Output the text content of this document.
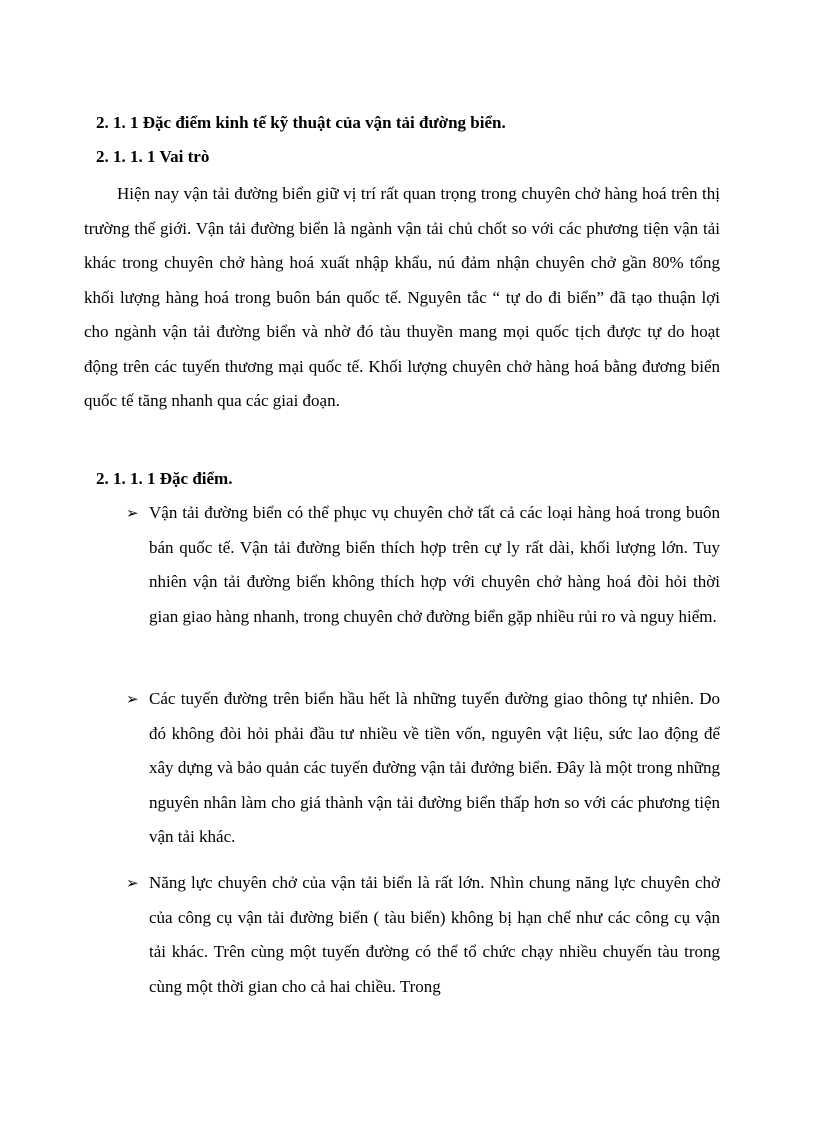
2. 1. 1 Đặc điểm kinh tế kỹ thuật của vận tải đường biển.
2. 1. 1. 1 Vai trò

Hiện nay vận tải đường biển giữ vị trí rất quan trọng trong chuyên chở hàng hoá trên thị trường thế giới. Vận tải đường biển là ngành vận tải chủ chốt so với các phương tiện vận tải khác trong chuyên chở hàng hoá xuất nhập khẩu, nú đảm nhận chuyên chở gần 80% tổng khối lượng hàng hoá trong buôn bán quốc tế. Nguyên tắc “ tự do đi biển” đã tạo thuận lợi cho ngành vận tải đường biển và nhờ đó tàu thuyền mang mọi quốc tịch được tự do hoạt động trên các tuyến thương mại quốc tế. Khối lượng chuyên chở hàng hoá bằng đương biển quốc tế tăng nhanh qua các giai đoạn.

2. 1. 1. 1 Đặc điểm.
➢ Vận tải đường biển có thể phục vụ chuyên chở tất cả các loại hàng hoá trong buôn bán quốc tế. Vận tải đường biển thích hợp trên cự ly rất dài, khối lượng lớn. Tuy nhiên vận tải đường biển không thích hợp với chuyên chở hàng hoá đòi hỏi thời gian giao hàng nhanh, trong chuyên chở đường biển gặp nhiều rủi ro và nguy hiểm.

➢ Các tuyến đường trên biển hầu hết là những tuyến đường giao thông tự nhiên. Do đó không đòi hỏi phải đầu tư nhiều về tiền vốn, nguyên vật liệu, sức lao động để xây dựng và bảo quản các tuyến đường vận tải đưởng biển. Đây là một trong những nguyên nhân làm cho giá thành vận tải đường biển thấp hơn so với các phương tiện vận tải khác.

➢ Năng lực chuyên chở của vận tải biển là rất lớn. Nhìn chung năng lực chuyên chở của công cụ vận tải đường biển ( tàu biển) không bị hạn chế như các công cụ vận tải khác. Trên cùng một tuyến đường có thể tổ chức chạy nhiều chuyến tàu trong cùng một thời gian cho cả hai chiều. Trong
